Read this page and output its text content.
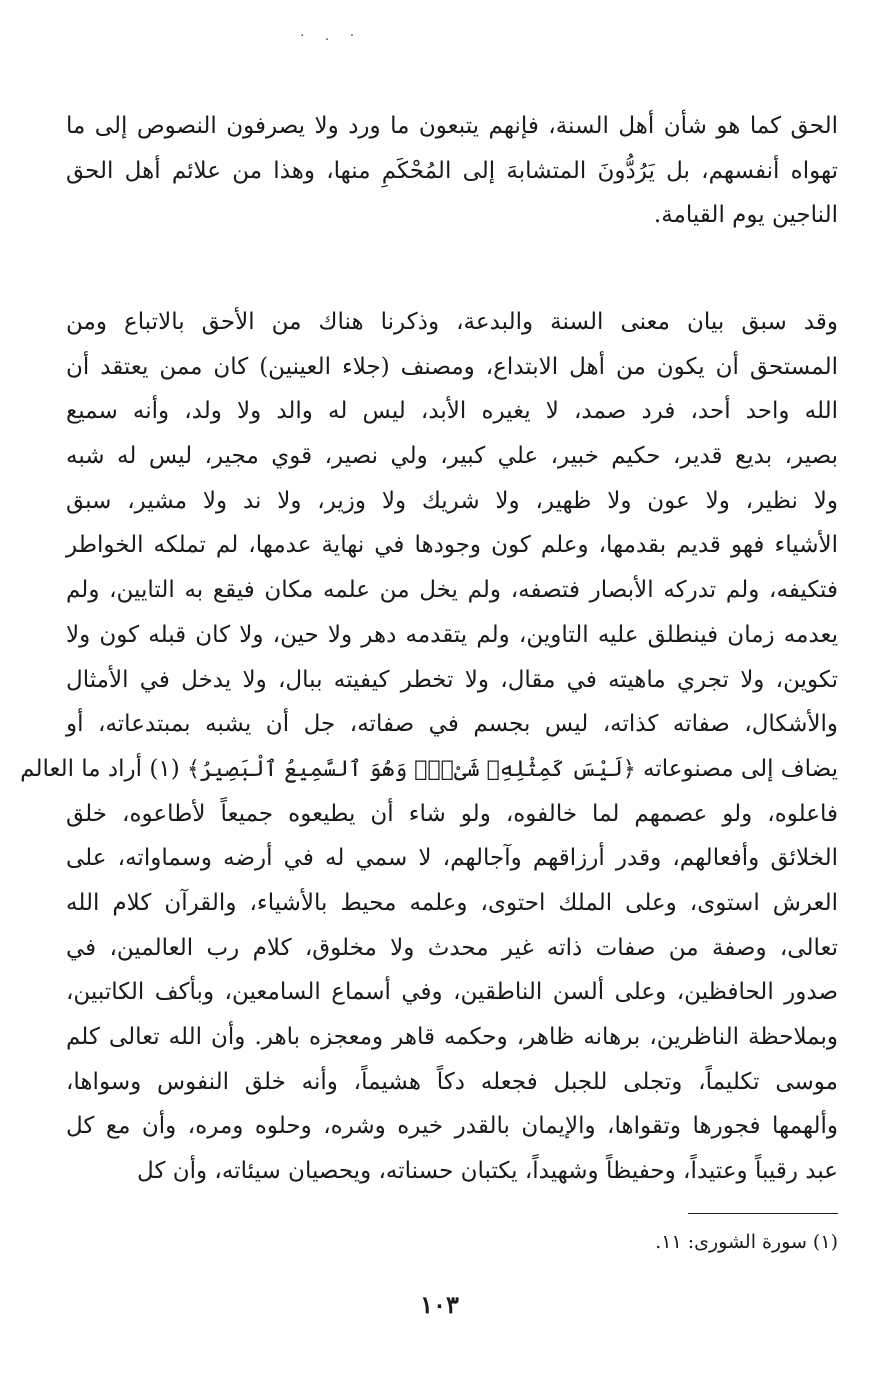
· . ·
الحق كما هو شأن أهل السنة، فإنهم يتبعون ما ورد ولا يصرفون النصوص إلى ما
تهواه أنفسهم، بل يَرُدُّونَ المتشابهَ إلى المُحْكَمِ منها، وهذا من علائم أهل الحق
الناجين يوم القيامة.
وقد سبق بيان معنى السنة والبدعة، وذكرنا هناك من الأحق بالاتباع ومن
المستحق أن يكون من أهل الابتداع، ومصنف (جلاء العينين) كان ممن يعتقد أن
الله واحد أحد، فرد صمد، لا يغيره الأبد، ليس له والد ولا ولد، وأنه سميع
بصير، بديع قدير، حكيم خبير، علي كبير، ولي نصير، قوي مجير، ليس له شبه
ولا نظير، ولا عون ولا ظهير، ولا شريك ولا وزير، ولا ند ولا مشير، سبق
الأشياء فهو قديم بقدمها، وعلم كون وجودها في نهاية عدمها، لم تملكه الخواطر
فتكيفه، ولم تدركه الأبصار فتصفه، ولم يخل من علمه مكان فيقع به التايين، ولم
يعدمه زمان فينطلق عليه التاوين، ولم يتقدمه دهر ولا حين، ولا كان قبله كون ولا
تكوين، ولا تجري ماهيته في مقال، ولا تخطر كيفيته ببال، ولا يدخل في الأمثال
والأشكال، صفاته كذاته، ليس بجسم في صفاته، جل أن يشبه بمبتدعاته، أو
يضاف إلى مصنوعاته ﴿لَيْسَ كَمِثْلِهِۦ شَىْءٌۖ وَهُوَ ٱلسَّمِيعُ ٱلْبَصِيرُ﴾ (١) أراد ما العالم
فاعلوه، ولو عصمهم لما خالفوه، ولو شاء أن يطيعوه جميعاً لأطاعوه، خلق
الخلائق وأفعالهم، وقدر أرزاقهم وآجالهم، لا سمي له في أرضه وسماواته، على
العرش استوى، وعلى الملك احتوى، وعلمه محيط بالأشياء، والقرآن كلام الله
تعالى، وصفة من صفات ذاته غير محدث ولا مخلوق، كلام رب العالمين، في
صدور الحافظين، وعلى ألسن الناطقين، وفي أسماع السامعين، وبأكف الكاتبين،
وبملاحظة الناظرين، برهانه ظاهر، وحكمه قاهر ومعجزه باهر. وأن الله تعالى كلم
موسى تكليماً، وتجلى للجبل فجعله دكاً هشيماً، وأنه خلق النفوس وسواها،
وألهمها فجورها وتقواها، والإيمان بالقدر خيره وشره، وحلوه ومره، وأن مع كل
عبد رقيباً وعتيداً، وحفيظاً وشهيداً، يكتبان حسناته، ويحصيان سيئاته، وأن كل
(١) سورة الشورى: ١١.
١٠٣
